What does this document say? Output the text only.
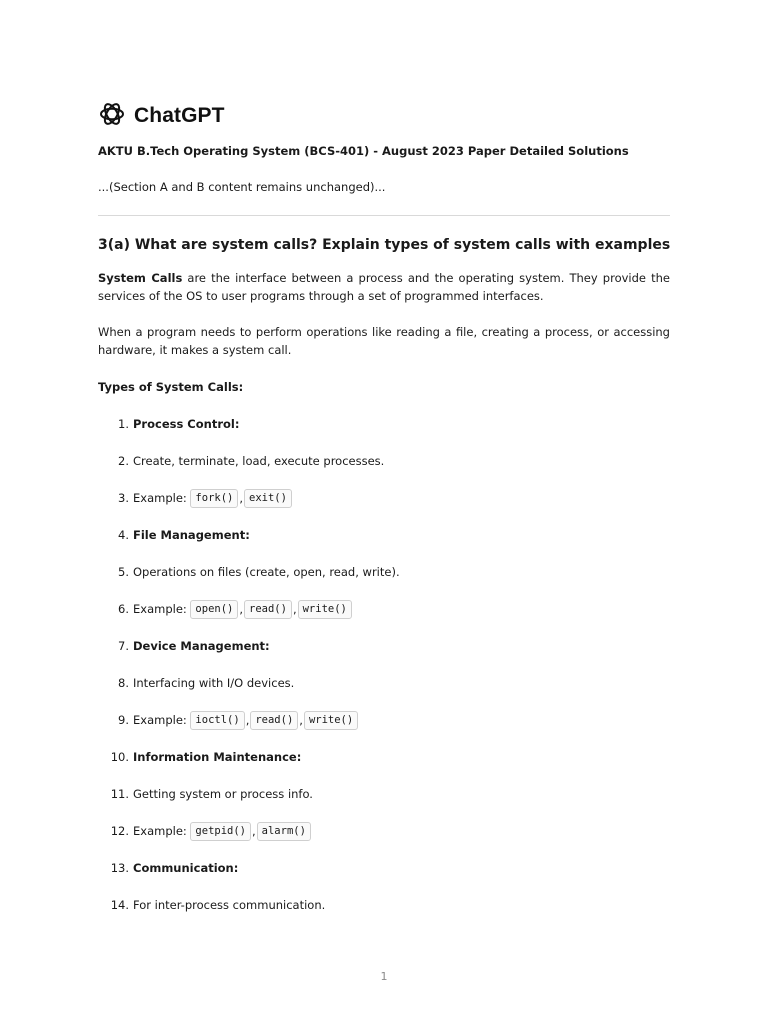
ChatGPT

AKTU B.Tech Operating System (BCS-401) - August 2023 Paper Detailed Solutions

...(Section A and B content remains unchanged)...

3(a) What are system calls? Explain types of system calls with examples

System Calls are the interface between a process and the operating system. They provide the services of the OS to user programs through a set of programmed interfaces.

When a program needs to perform operations like reading a file, creating a process, or accessing hardware, it makes a system call.

Types of System Calls:

1. Process Control:
2. Create, terminate, load, execute processes.
3. Example: fork() , exit()
4. File Management:
5. Operations on files (create, open, read, write).
6. Example: open() , read() , write()
7. Device Management:
8. Interfacing with I/O devices.
9. Example: ioctl() , read() , write()
10. Information Maintenance:
11. Getting system or process info.
12. Example: getpid() , alarm()
13. Communication:
14. For inter-process communication.
1
